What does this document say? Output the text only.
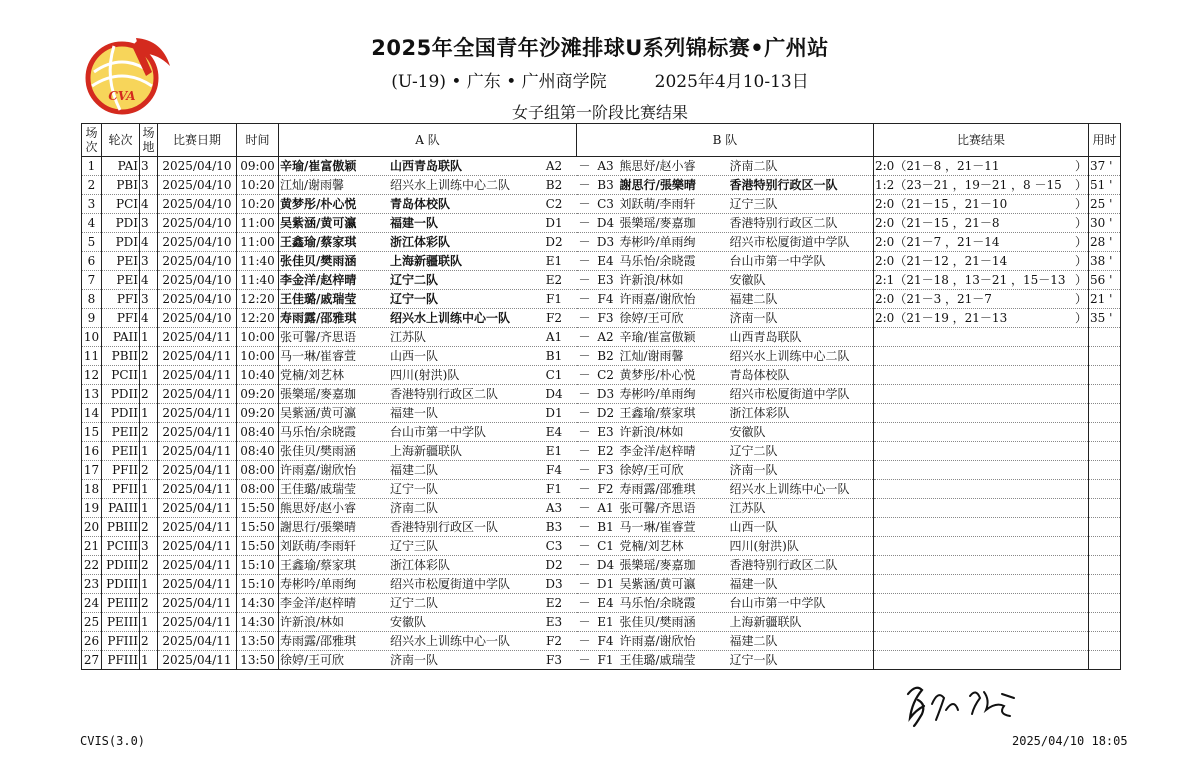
CVA
2025年全国青年沙滩排球U系列锦标赛•广州站
(U-19) • 广东 • 广州商学院	2025年4月10-13日
女子组第一阶段比赛结果
场次	轮次	场地	比赛日期	时间	A 队	B 队	比赛结果	用时
1	PAI	3	2025/04/10	09:00	辛瑜/崔富傲颖 山西青岛联队 A2	－ A3 熊思妤/赵小睿 济南二队	2:0（21－8 ，21－11 ）	37 '
2	PBI	3	2025/04/10	10:20	江灿/谢雨馨 绍兴水上训练中心二队 B2	－ B3 謝思行/張樂晴 香港特别行政区一队	1:2（23－21 ，19－21 ，8 －15 ）	51 '
3	PCI	4	2025/04/10	10:20	黄梦彤/朴心悦 青岛体校队 C2	－ C3 刘跃萌/李雨轩 辽宁三队	2:0（21－15 ，21－10 ）	25 '
4	PDI	3	2025/04/10	11:00	吴紫涵/黄可瀛 福建一队 D1	－ D4 張樂瑶/麥嘉珈 香港特别行政区二队	2:0（21－15 ，21－8 ）	30 '
5	PDI	4	2025/04/10	11:00	王鑫瑜/蔡家琪 浙江体彩队 D2	－ D3 寿彬吟/单雨绚 绍兴市松厦街道中学队	2:0（21－7 ，21－14 ）	28 '
6	PEI	3	2025/04/10	11:40	张佳贝/樊雨涵 上海新疆联队 E1	－ E4 马乐怡/余晓霞 台山市第一中学队	2:0（21－12 ，21－14 ）	38 '
7	PEI	4	2025/04/10	11:40	李金洋/赵梓晴 辽宁二队 E2	－ E3 许新浪/林如 安徽队	2:1（21－18 ，13－21 ，15－13 ）	56 '
8	PFI	3	2025/04/10	12:20	王佳璐/戚瑞莹 辽宁一队 F1	－ F4 许雨嘉/谢欣怡 福建二队	2:0（21－3 ，21－7 ）	21 '
9	PFI	4	2025/04/10	12:20	寿雨露/邵雅琪 绍兴水上训练中心一队 F2	－ F3 徐婷/王可欣 济南一队	2:0（21－19 ，21－13 ）	35 '
10	PAII	1	2025/04/11	10:00	张可馨/齐思语 江苏队 A1	－ A2 辛瑜/崔富傲颖 山西青岛联队	

11	PBII	2	2025/04/11	10:00	马一琳/崔睿萱 山西一队 B1	－ B2 江灿/谢雨馨 绍兴水上训练中心二队	

12	PCII	1	2025/04/11	10:40	党楠/刘艺林 四川(射洪)队 C1	－ C2 黄梦彤/朴心悦 青岛体校队	

13	PDII	2	2025/04/11	09:20	張樂瑶/麥嘉珈 香港特别行政区二队 D4	－ D3 寿彬吟/单雨绚 绍兴市松厦街道中学队	

14	PDII	1	2025/04/11	09:20	吴紫涵/黄可瀛 福建一队 D1	－ D2 王鑫瑜/蔡家琪 浙江体彩队	

15	PEII	2	2025/04/11	08:40	马乐怡/余晓霞 台山市第一中学队 E4	－ E3 许新浪/林如 安徽队	

16	PEII	1	2025/04/11	08:40	张佳贝/樊雨涵 上海新疆联队 E1	－ E2 李金洋/赵梓晴 辽宁二队	

17	PFII	2	2025/04/11	08:00	许雨嘉/谢欣怡 福建二队 F4	－ F3 徐婷/王可欣 济南一队	

18	PFII	1	2025/04/11	08:00	王佳璐/戚瑞莹 辽宁一队 F1	－ F2 寿雨露/邵雅琪 绍兴水上训练中心一队	

19	PAIII	1	2025/04/11	15:50	熊思妤/赵小睿 济南二队 A3	－ A1 张可馨/齐思语 江苏队	

20	PBIII	2	2025/04/11	15:50	謝思行/張樂晴 香港特别行政区一队 B3	－ B1 马一琳/崔睿萱 山西一队	

21	PCIII	3	2025/04/11	15:50	刘跃萌/李雨轩 辽宁三队 C3	－ C1 党楠/刘艺林 四川(射洪)队	

22	PDIII	2	2025/04/11	15:10	王鑫瑜/蔡家琪 浙江体彩队 D2	－ D4 張樂瑶/麥嘉珈 香港特别行政区二队	

23	PDIII	1	2025/04/11	15:10	寿彬吟/单雨绚 绍兴市松厦街道中学队 D3	－ D1 吴紫涵/黄可瀛 福建一队	

24	PEIII	2	2025/04/11	14:30	李金洋/赵梓晴 辽宁二队 E2	－ E4 马乐怡/余晓霞 台山市第一中学队	

25	PEIII	1	2025/04/11	14:30	许新浪/林如 安徽队 E3	－ E1 张佳贝/樊雨涵 上海新疆联队	

26	PFIII	2	2025/04/11	13:50	寿雨露/邵雅琪 绍兴水上训练中心一队 F2	－ F4 许雨嘉/谢欣怡 福建二队	

27	PFIII	1	2025/04/11	13:50	徐婷/王可欣 济南一队 F3	－ F1 王佳璐/戚瑞莹 辽宁一队	

CVIS(3.0)	2025/04/10 18:05
